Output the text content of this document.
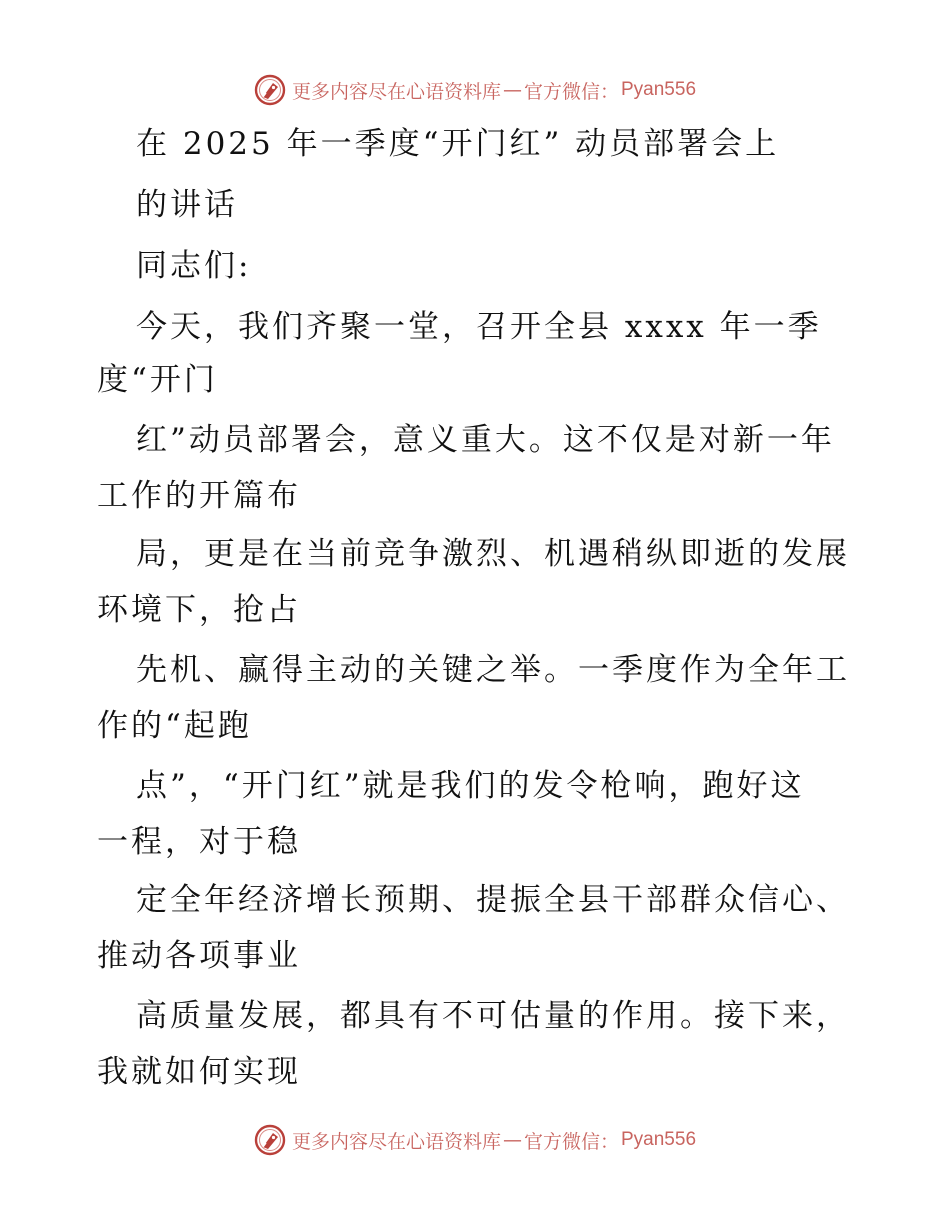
更多内容尽在心语资料库 — 官方微信： Pyan556
在 2025 年一季度“开门红” 动员部署会上
的讲话
同志们:
今天，我们齐聚一堂，召开全县 xxxx 年一季
度“开门
红”动员部署会，意义重大。这不仅是对新一年
工作的开篇布
局，更是在当前竞争激烈、机遇稍纵即逝的发展
环境下，抢占
先机、赢得主动的关键之举。一季度作为全年工
作的“起跑
点”，“开门红”就是我们的发令枪响，跑好这
一程，对于稳
定全年经济增长预期、提振全县干部群众信心、
推动各项事业
高质量发展，都具有不可估量的作用。接下来，
我就如何实现
更多内容尽在心语资料库 — 官方微信： Pyan556
